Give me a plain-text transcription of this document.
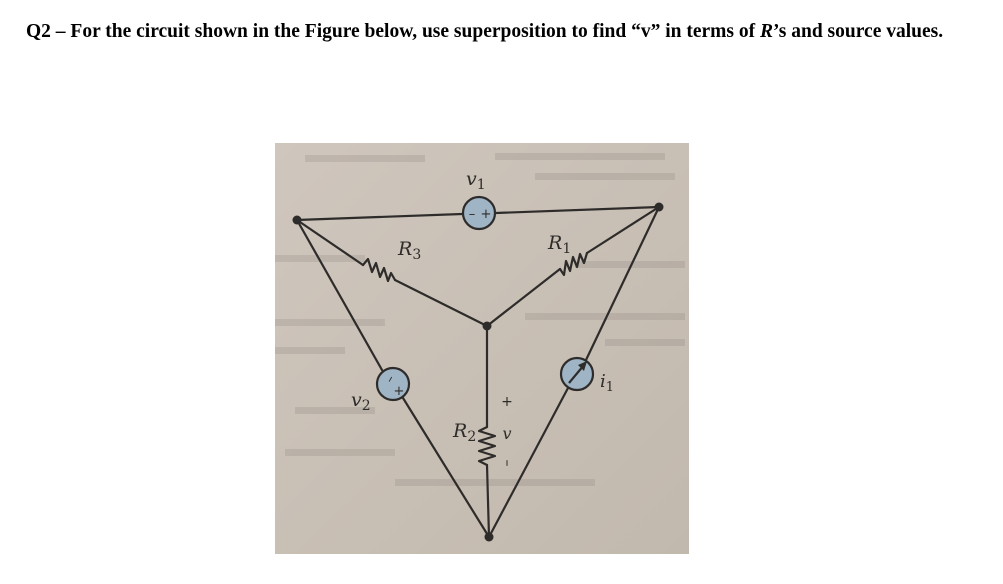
Q2 – For the circuit shown in the Figure below, use superposition to find “v” in terms of R’s and source values.
– +
–
+
$v_1$
$R_3$
$R_1$
$v_2$
$R_2$
$i_1$
+
v
–
